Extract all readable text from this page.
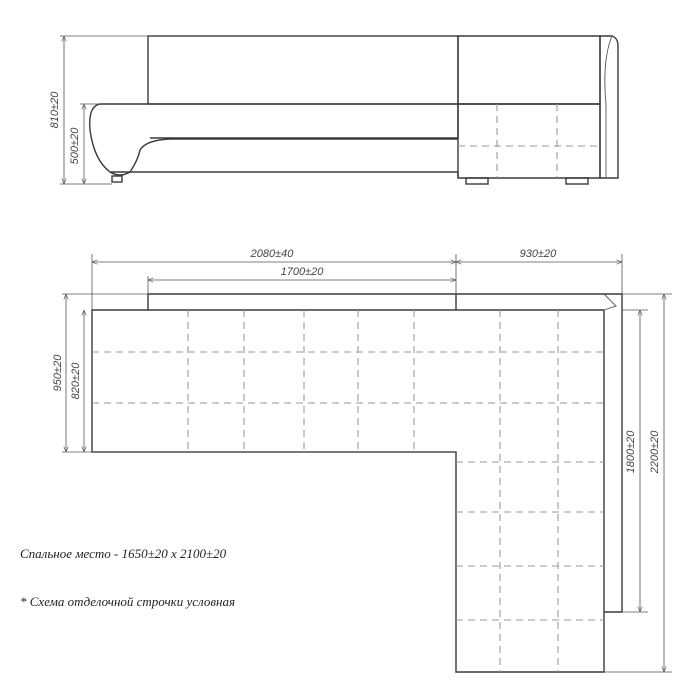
810±20
500±20
2080±40	930±20
1700±20
950±20 820±20
1800±20 2200±20
Спальное место - 1650±20 х 2100±20
* Схема отделочной строчки условная
